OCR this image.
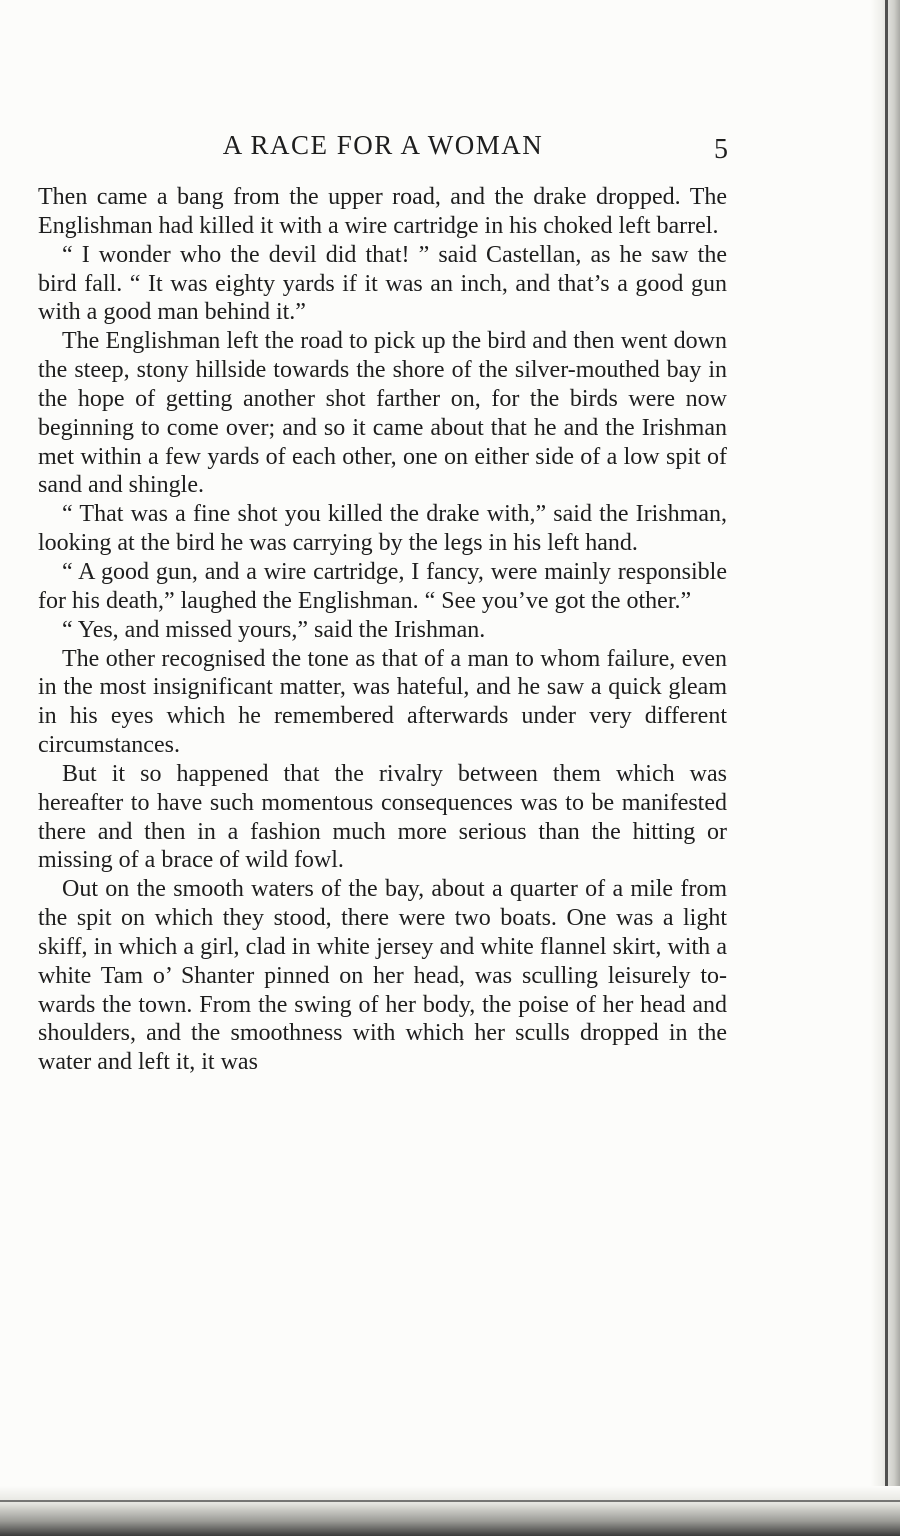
A RACE FOR A WOMAN	5

Then came a bang from the upper road, and the drake dropped. The Englishman had killed it with a wire cartridge in his choked left barrel.

“ I wonder who the devil did that! ” said Castellan, as he saw the bird fall. “ It was eighty yards if it was an inch, and that’s a good gun with a good man behind it.”

The Englishman left the road to pick up the bird and then went down the steep, stony hillside towards the shore of the silver-mouthed bay in the hope of getting another shot farther on, for the birds were now beginning to come over; and so it came about that he and the Irishman met within a few yards of each other, one on either side of a low spit of sand and shingle.

“ That was a fine shot you killed the drake with,” said the Irishman, looking at the bird he was carrying by the legs in his left hand.

“ A good gun, and a wire cartridge, I fancy, were mainly responsible for his death,” laughed the Englishman. “ See you’ve got the other.”

“ Yes, and missed yours,” said the Irishman.

The other recognised the tone as that of a man to whom failure, even in the most insignificant matter, was hateful, and he saw a quick gleam in his eyes which he remembered afterwards under very different circumstances.

But it so happened that the rivalry between them which was hereafter to have such momentous consequences was to be manifested there and then in a fashion much more serious than the hitting or missing of a brace of wild fowl.

Out on the smooth waters of the bay, about a quarter of a mile from the spit on which they stood, there were two boats. One was a light skiff, in which a girl, clad in white jersey and white flannel skirt, with a white Tam o’ Shanter pinned on her head, was sculling leisurely towards the town. From the swing of her body, the poise of her head and shoulders, and the smoothness with which her sculls dropped in the water and left it, it was
